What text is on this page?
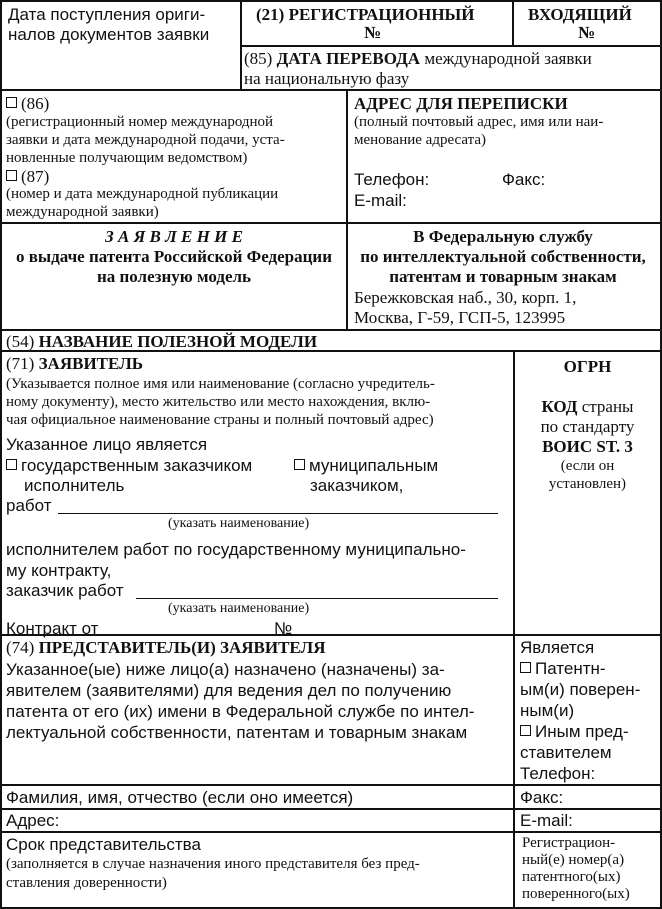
Дата поступления ориги-
налов документов заявки
(21) РЕГИСТРАЦИОННЫЙ
№
ВХОДЯЩИЙ
№
(85) ДАТА ПЕРЕВОДА международной заявки
на национальную фазу
(86)
(регистрационный номер международной
заявки и дата международной подачи, уста-
новленные получающим ведомством)
(87)
(номер и дата международной публикации
международной заявки)
АДРЕС ДЛЯ ПЕРЕПИСКИ
(полный почтовый адрес, имя или наи-
менование адресата)
Телефон:	Факс:
E-mail:
З А Я В Л Е Н И Е
о выдаче патента Российской Федерации
на полезную модель
В Федеральную службу
по интеллектуальной собственности,
патентам и товарным знакам
Бережковская наб., 30, корп. 1,
Москва, Г-59, ГСП-5, 123995
(54) НАЗВАНИЕ ПОЛЕЗНОЙ МОДЕЛИ
(71) ЗАЯВИТЕЛЬ
(Указывается полное имя или наименование (согласно учредитель-
ному документу), место жительство или место нахождения, вклю-
чая официальное наименование страны и полный почтовый адрес)
Указанное лицо является
государственным заказчиком	муниципальным
исполнитель	заказчиком,
работ
(указать наименование)
исполнителем работ по государственному муниципально-
му контракту,
заказчик работ
(указать наименование)
Контракт от	№
ОГРН
КОД страны
по стандарту
ВОИС ST. 3
(если он
установлен)
(74) ПРЕДСТАВИТЕЛЬ(И) ЗАЯВИТЕЛЯ
Указанное(ые) ниже лицо(а) назначено (назначены) за-
явителем (заявителями) для ведения дел по получению
патента от его (их) имени в Федеральной службе по интел-
лектуальной собственности, патентам и товарным знакам
Является
Патентн-
ым(и) поверен-
ным(и)
Иным пред-
ставителем
Телефон:
Фамилия, имя, отчество (если оно имеется)	Факс:
Адрес:	E-mail:
Срок представительства
(заполняется в случае назначения иного представителя без пред-
ставления доверенности)
Регистрацион-
ный(е) номер(а)
патентного(ых)
поверенного(ых)
